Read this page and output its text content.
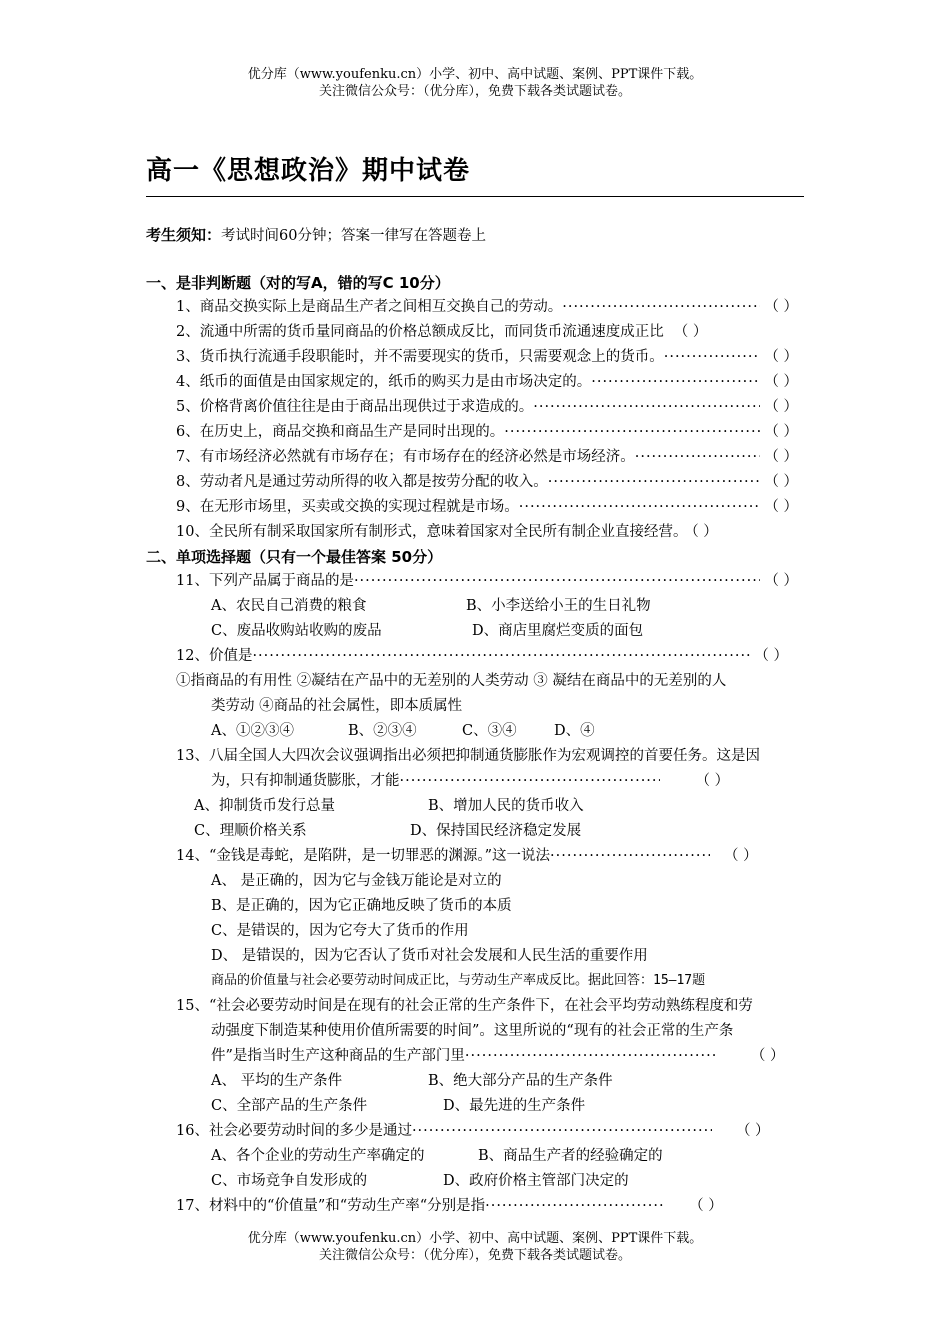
优分库（www.youfenku.cn）小学、初中、高中试题、案例、PPT课件下载。
关注微信公众号：（优分库），免费下载各类试题试卷。
高一《思想政治》期中试卷
考生须知：考试时间60分钟；答案一律写在答题卷上
一、是非判断题（对的写A，错的写C 10分）
1、商品交换实际上是商品生产者之间相互交换自己的劳动。 ·····	（ ）
2、流通中所需的货币量同商品的价格总额成反比，而同货币流通速度成正比 （ ）
3、货币执行流通手段职能时，并不需要现实的货币，只需要观念上的货币。 ·····	（ ）
4、纸币的面值是由国家规定的，纸币的购买力是由市场决定的。 ·····	（ ）
5、价格背离价值往往是由于商品出现供过于求造成的。 ·····	（ ）
6、在历史上，商品交换和商品生产是同时出现的。 ·····	（ ）
7、有市场经济必然就有市场存在；有市场存在的经济必然是市场经济。 ·····	（ ）
8、劳动者凡是通过劳动所得的收入都是按劳分配的收入。 ·····	（ ）
9、在无形市场里，买卖或交换的实现过程就是市场。 ·····	（ ）
10、全民所有制采取国家所有制形式，意味着国家对全民所有制企业直接经营。 （ ）
二、单项选择题（只有一个最佳答案 50分）
11、下列产品属于商品的是 ·····	（ ）
A、农民自己消费的粮食	B、小李送给小王的生日礼物
C、废品收购站收购的废品	D、商店里腐烂变质的面包
12、价值是 ·····	（ ）
①指商品的有用性 ②凝结在产品中的无差别的人类劳动 ③ 凝结在商品中的无差别的人
类劳动 ④商品的社会属性，即本质属性
A、①②③④	B、②③④	C、③④	D、④
13、八届全国人大四次会议强调指出必须把抑制通货膨胀作为宏观调控的首要任务。这是因
为，只有抑制通货膨胀，才能 ·····	（ ）
A、抑制货币发行总量	B、增加人民的货币收入
C、理顺价格关系	D、保持国民经济稳定发展
14、“金钱是毒蛇，是陷阱，是一切罪恶的渊源。”这一说法 ·····	（ ）
A、 是正确的，因为它与金钱万能论是对立的
B、是正确的，因为它正确地反映了货币的本质
C、是错误的，因为它夸大了货币的作用
D、 是错误的，因为它否认了货币对社会发展和人民生活的重要作用
商品的价值量与社会必要劳动时间成正比，与劳动生产率成反比。据此回答：15—17题
15、“社会必要劳动时间是在现有的社会正常的生产条件下，在社会平均劳动熟练程度和劳
动强度下制造某种使用价值所需要的时间”。这里所说的“现有的社会正常的生产条
件”是指当时生产这种商品的生产部门里 ·····	（ ）
A、 平均的生产条件	B、绝大部分产品的生产条件
C、全部产品的生产条件	D、最先进的生产条件
16、社会必要劳动时间的多少是通过 ·····	（ ）
A、各个企业的劳动生产率确定的	B、商品生产者的经验确定的
C、市场竞争自发形成的	D、政府价格主管部门决定的
17、材料中的“价值量”和“劳动生产率“分别是指 ·····	（ ）
优分库（www.youfenku.cn）小学、初中、高中试题、案例、PPT课件下载。
关注微信公众号：（优分库），免费下载各类试题试卷。
